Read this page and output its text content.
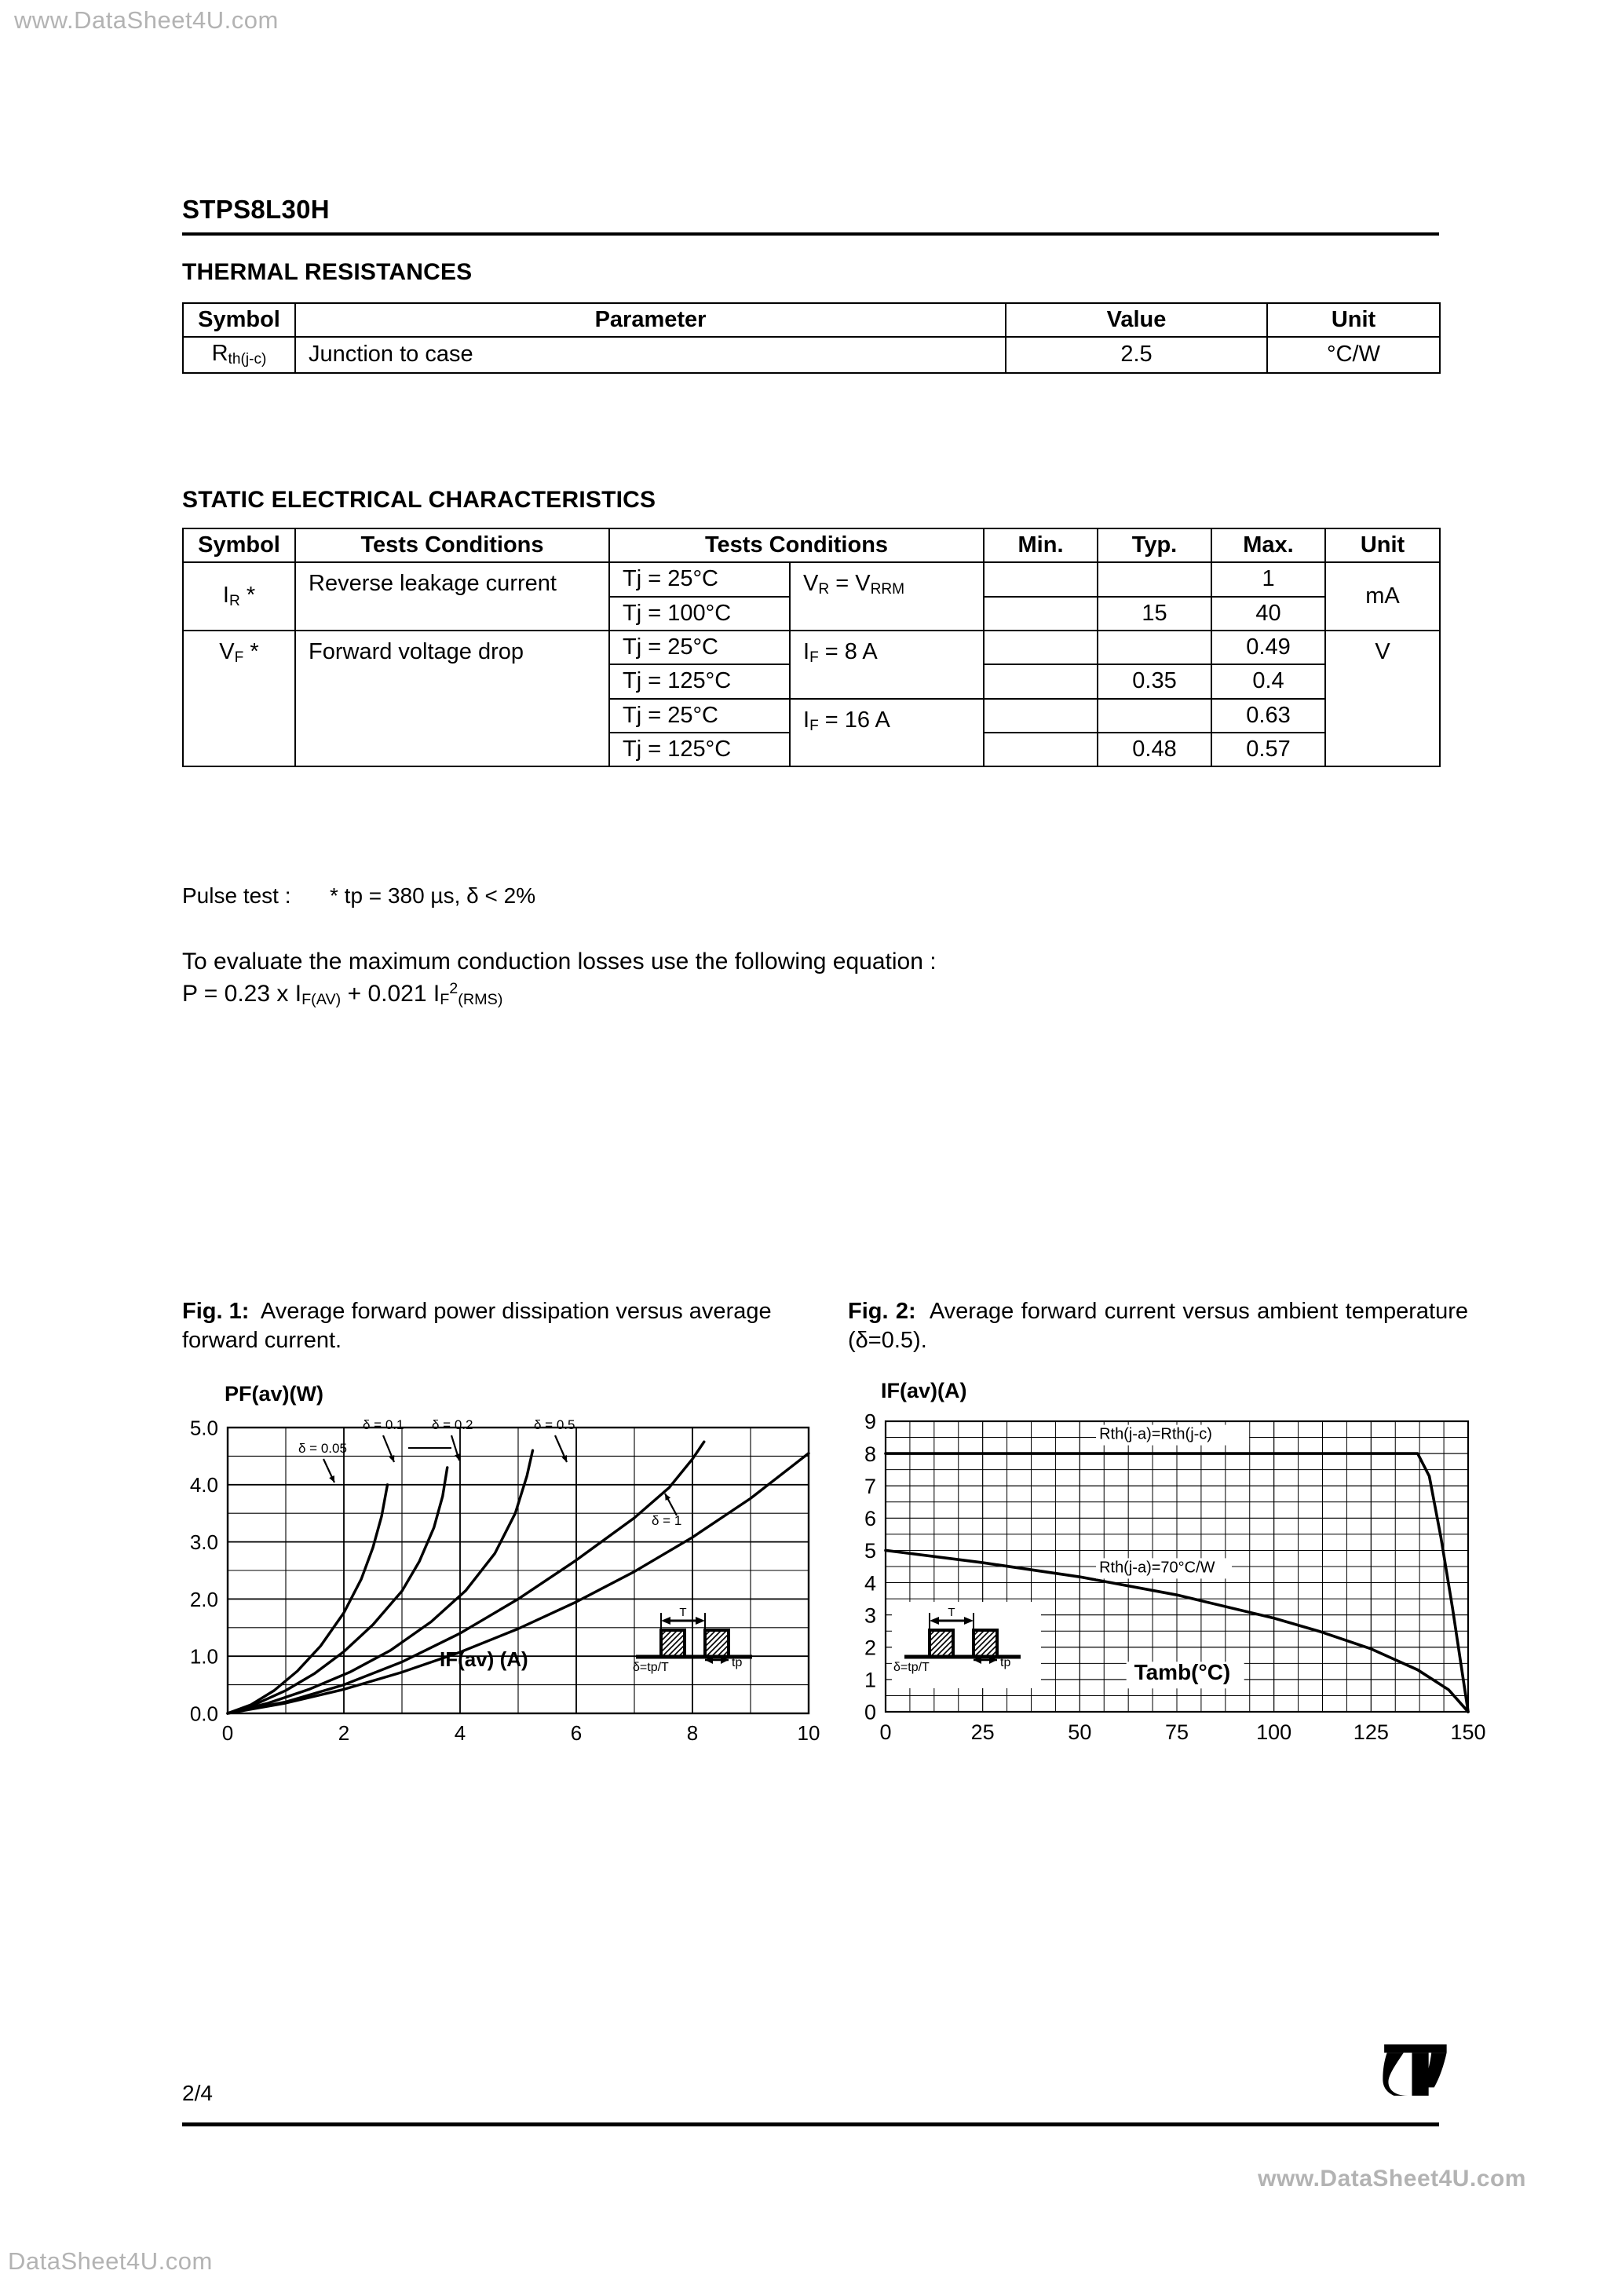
www.DataSheet4U.com
www.DataSheet4U.com
DataSheet4U.com
STPS8L30H
THERMAL RESISTANCES
Symbol	Parameter	Value	Unit
$R_{th(j-c)}$	Junction to case	2.5	°C/W
STATIC ELECTRICAL CHARACTERISTICS
Symbol	Tests Conditions	Tests Conditions		Min.	Typ.	Max.	Unit
$I_R$ *	Reverse leakage current	Tj = 25°C	$V_R = V_{RRM}$			1	mA
		Tj = 100°C			15	40	
$V_F$ *	Forward voltage drop	Tj = 25°C	$I_F = 8$ A			0.49	V
		Tj = 125°C			0.35	0.4	
		Tj = 25°C	$I_F = 16$ A			0.63	
		Tj = 125°C			0.48	0.57	
Pulse test : * tp = 380 µs, δ < 2%
To evaluate the maximum conduction losses use the following equation :
P = 0.23 x $I_{F(AV)} + 0.021$ $I_F^2_{(RMS)}$
Fig. 1: Average forward power dissipation versus average forward current.
Fig. 2: Average forward current versus ambient temperature (δ=0.5).
0	2	4	6	8	10
0.0
1.0
2.0
3.0
4.0
5.0
PF(av)(W)
δ = 0.05
δ = 0.1 δ = 0.2	δ = 0.5
δ = 1
IF(av) (A)
T
tp
δ=tp/T
0	25	50	75	100	125	150
0
1
2
3
4
5
6
7
8
9
IF(av)(A)
Rth(j-a)=Rth(j-c)
Rth(j-a)=70°C/W
Tamb(°C)
T
tp
δ=tp/T
2/4
